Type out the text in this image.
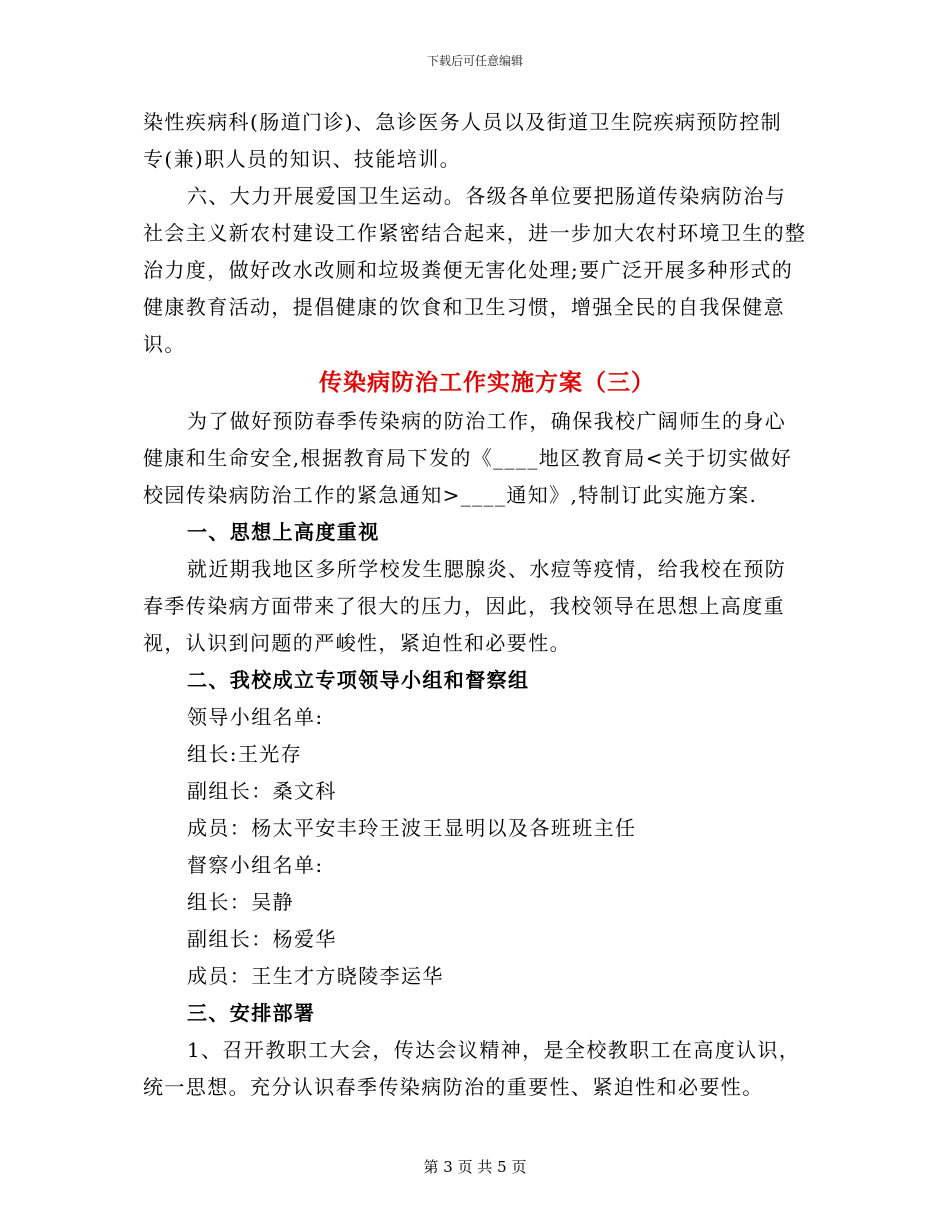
下载后可任意编辑

染性疾病科(肠道门诊)、急诊医务人员以及街道卫生院疾病预防控制

专(兼)职人员的知识、技能培训。

六、大力开展爱国卫生运动。各级各单位要把肠道传染病防治与社会主义新农村建设工作紧密结合起来，进一步加大农村环境卫生的整治力度，做好改水改厕和垃圾粪便无害化处理;要广泛开展多种形式的健康教育活动，提倡健康的饮食和卫生习惯，增强全民的自我保健意识。

传染病防治工作实施方案（三）

为了做好预防春季传染病的防治工作，确保我校广阔师生的身心健康和生命安全,根据教育局下发的《____地区教育局<关于切实做好校园传染病防治工作的紧急通知>____通知》,特制订此实施方案.

一、思想上高度重视

就近期我地区多所学校发生腮腺炎、水痘等疫情，给我校在预防春季传染病方面带来了很大的压力，因此，我校领导在思想上高度重视，认识到问题的严峻性，紧迫性和必要性。

二、我校成立专项领导小组和督察组

领导小组名单:

组长:王光存

副组长：桑文科

成员：杨太平安丰玲王波王显明以及各班班主任

督察小组名单:

组长：吴静

副组长：杨爱华

成员：王生才方晓陵李运华

三、安排部署

1、召开教职工大会，传达会议精神，是全校教职工在高度认识，统一思想。充分认识春季传染病防治的重要性、紧迫性和必要性。

第 3 页 共 5 页
